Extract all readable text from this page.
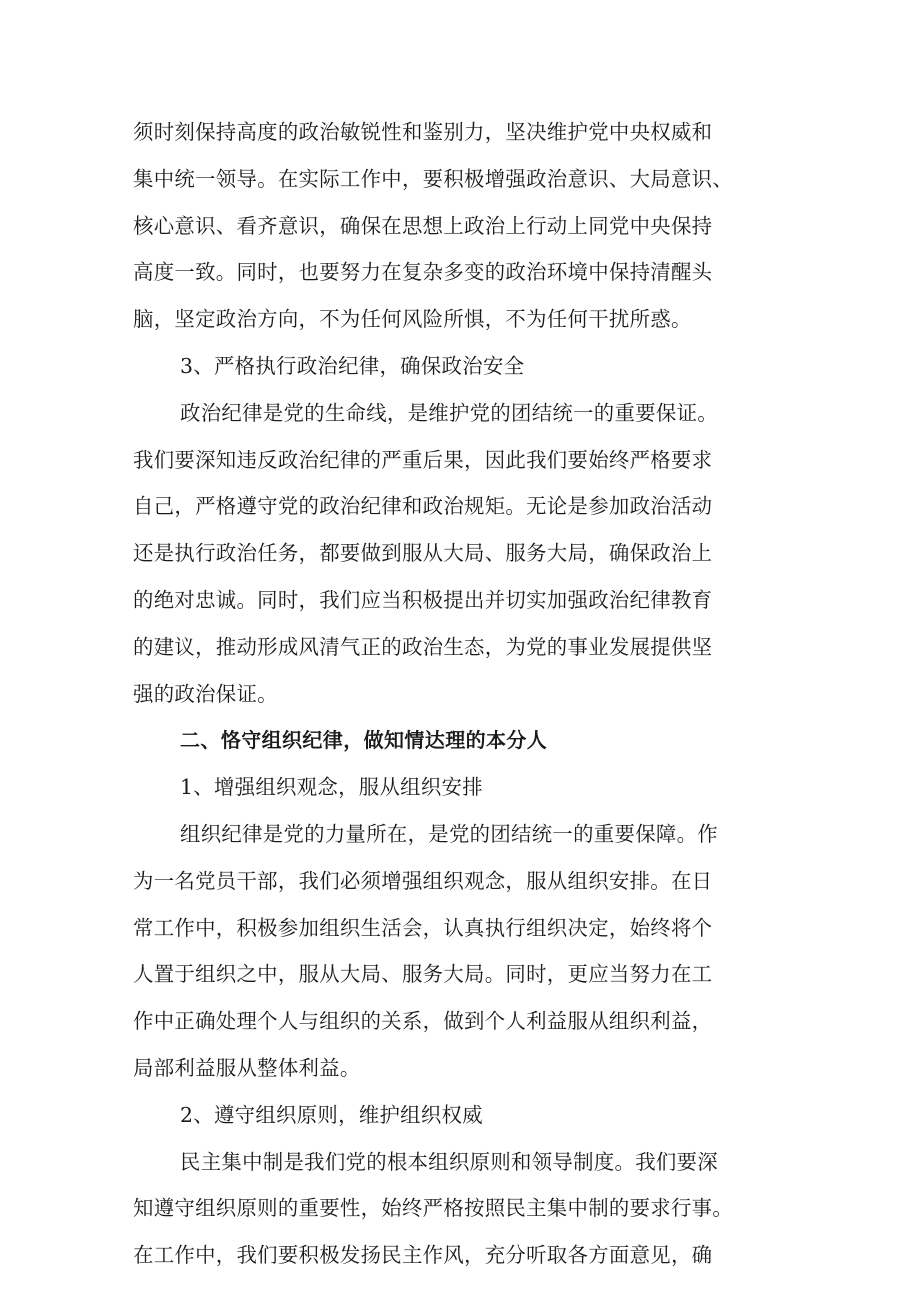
须时刻保持高度的政治敏锐性和鉴别力，坚决维护党中央权威和
集中统一领导。在实际工作中，要积极增强政治意识、大局意识、
核心意识、看齐意识，确保在思想上政治上行动上同党中央保持
高度一致。同时，也要努力在复杂多变的政治环境中保持清醒头
脑，坚定政治方向，不为任何风险所惧，不为任何干扰所惑。
3、严格执行政治纪律，确保政治安全
政治纪律是党的生命线，是维护党的团结统一的重要保证。
我们要深知违反政治纪律的严重后果，因此我们要始终严格要求
自己，严格遵守党的政治纪律和政治规矩。无论是参加政治活动
还是执行政治任务，都要做到服从大局、服务大局，确保政治上
的绝对忠诚。同时，我们应当积极提出并切实加强政治纪律教育
的建议，推动形成风清气正的政治生态，为党的事业发展提供坚
强的政治保证。
二、恪守组织纪律，做知情达理的本分人
1、增强组织观念，服从组织安排
组织纪律是党的力量所在，是党的团结统一的重要保障。作
为一名党员干部，我们必须增强组织观念，服从组织安排。在日
常工作中，积极参加组织生活会，认真执行组织决定，始终将个
人置于组织之中，服从大局、服务大局。同时，更应当努力在工
作中正确处理个人与组织的关系，做到个人利益服从组织利益，
局部利益服从整体利益。
2、遵守组织原则，维护组织权威
民主集中制是我们党的根本组织原则和领导制度。我们要深
知遵守组织原则的重要性，始终严格按照民主集中制的要求行事。
在工作中，我们要积极发扬民主作风，充分听取各方面意见，确
